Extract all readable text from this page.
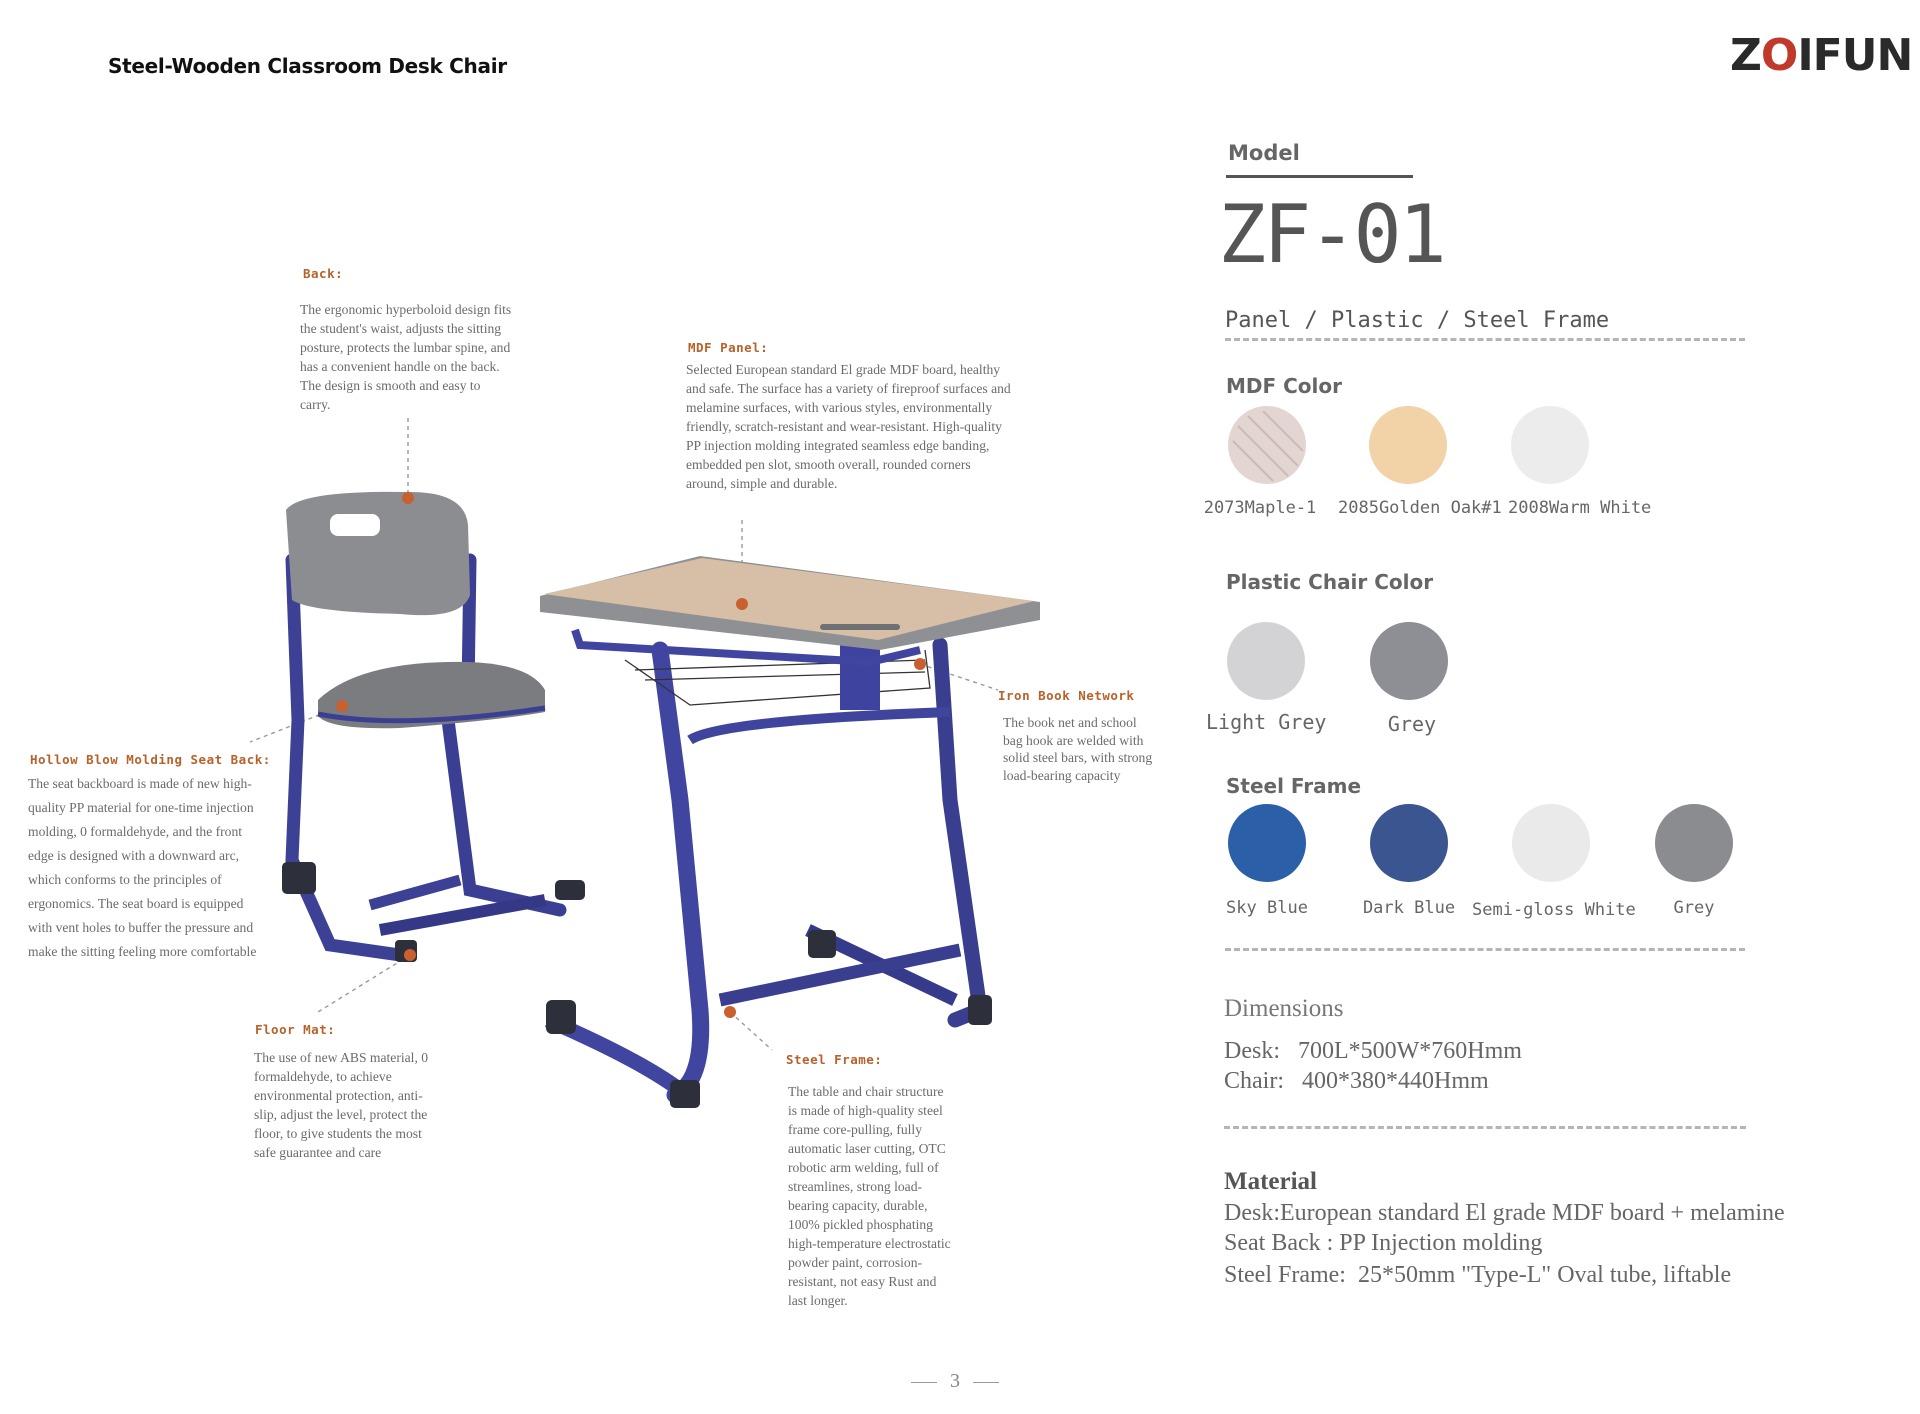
Steel-Wooden Classroom Desk Chair	ZOIFUN
Back:
The ergonomic hyperboloid design fits the student's waist, adjusts the sitting posture, protects the lumbar spine, and has a convenient handle on the back. The design is smooth and easy to carry.
MDF Panel:
Selected European standard El grade MDF board, healthy and safe. The surface has a variety of fireproof surfaces and melamine surfaces, with various styles, environmentally friendly, scratch-resistant and wear-resistant. High-quality PP injection molding integrated seamless edge banding, embedded pen slot, smooth overall, rounded corners around, simple and durable.
Iron Book Network
The book net and school bag hook are welded with solid steel bars, with strong load-bearing capacity
Hollow Blow Molding Seat Back:
The seat backboard is made of new high-quality PP material for one-time injection molding, 0 formaldehyde, and the front edge is designed with a downward arc, which conforms to the principles of ergonomics. The seat board is equipped with vent holes to buffer the pressure and make the sitting feeling more comfortable
Floor Mat:
The use of new ABS material, 0 formaldehyde, to achieve environmental protection, anti-slip, adjust the level, protect the floor, to give students the most safe guarantee and care
Steel Frame:
The table and chair structure is made of high-quality steel frame core-pulling, fully automatic laser cutting, OTC robotic arm welding, full of streamlines, strong load-bearing capacity, durable, 100% pickled phosphating high-temperature electrostatic powder paint, corrosion-resistant, not easy Rust and last longer.
Model
ZF-01
Panel / Plastic / Steel Frame
MDF Color
2073Maple-1 2085Golden Oak#1 2008Warm White
Plastic Chair Color
Light Grey	Grey
Steel Frame
Sky Blue	Dark Blue Semi-gloss White	Grey
Dimensions
Desk:   700L*500W*760Hmm
Chair:   400*380*440Hmm
Material
Desk:European standard El grade MDF board + melamine
Seat Back : PP Injection molding
Steel Frame:  25*50mm "Type-L" Oval tube, liftable
3
